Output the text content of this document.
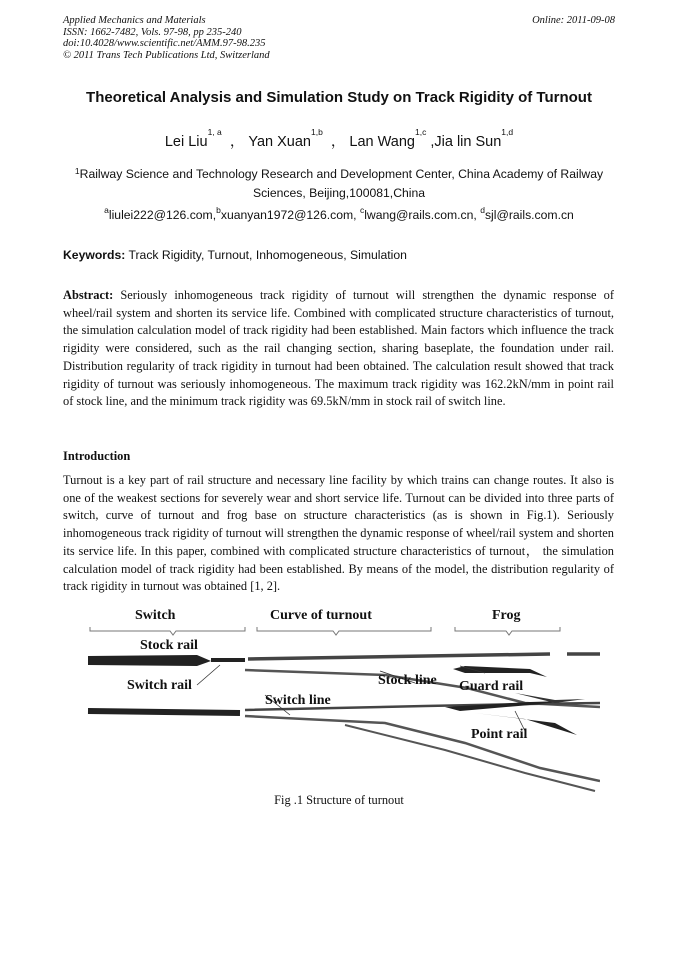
Applied Mechanics and Materials
ISSN: 1662-7482, Vols. 97-98, pp 235-240
doi:10.4028/www.scientific.net/AMM.97-98.235
© 2011 Trans Tech Publications Ltd, Switzerland
Online: 2011-09-08
Theoretical Analysis and Simulation Study on Track Rigidity of Turnout
Lei Liu$^{1, a}$  ， Yan Xuan$^{1,b}$  ， Lan Wang$^{1,c}$ ,Jia lin Sun$^{1,d}$
$^1$Railway Science and Technology Research and Development Center, China Academy of Railway Sciences, Beijing,100081,China
$^a$liulei222@126.com,$^b$xuanyan1972@126.com, $^c$lwang@rails.com.cn, $^d$sjl@rails.com.cn
Keywords: Track Rigidity, Turnout, Inhomogeneous, Simulation
Abstract: Seriously inhomogeneous track rigidity of turnout will strengthen the dynamic response of wheel/rail system and shorten its service life. Combined with complicated structure characteristics of turnout, the simulation calculation model of track rigidity had been established. Main factors which influence the track rigidity were considered, such as the rail changing section, sharing baseplate, the foundation under rail. Distribution regularity of track rigidity in turnout had been obtained. The calculation result showed that track rigidity of turnout was seriously inhomogeneous. The maximum track rigidity was 162.2kN/mm in point rail of stock line, and the minimum track rigidity was 69.5kN/mm in stock rail of switch line.
Introduction
Turnout is a key part of rail structure and necessary line facility by which trains can change routes. It also is one of the weakest sections for severely wear and short service life. Turnout can be divided into three parts of switch, curve of turnout and frog base on structure characteristics (as is shown in Fig.1). Seriously inhomogeneous track rigidity of turnout will strengthen the dynamic response of wheel/rail system and shorten its service life. In this paper, combined with complicated structure characteristics of turnout， the simulation calculation model of track rigidity had been established. By means of the model, the distribution regularity of track rigidity in turnout was obtained [1, 2].
Switch	Curve of turnout	Frog
Stock rail
Switch rail
Switch line
Stock line Guard rail
Point rail
Fig .1 Structure of turnout
